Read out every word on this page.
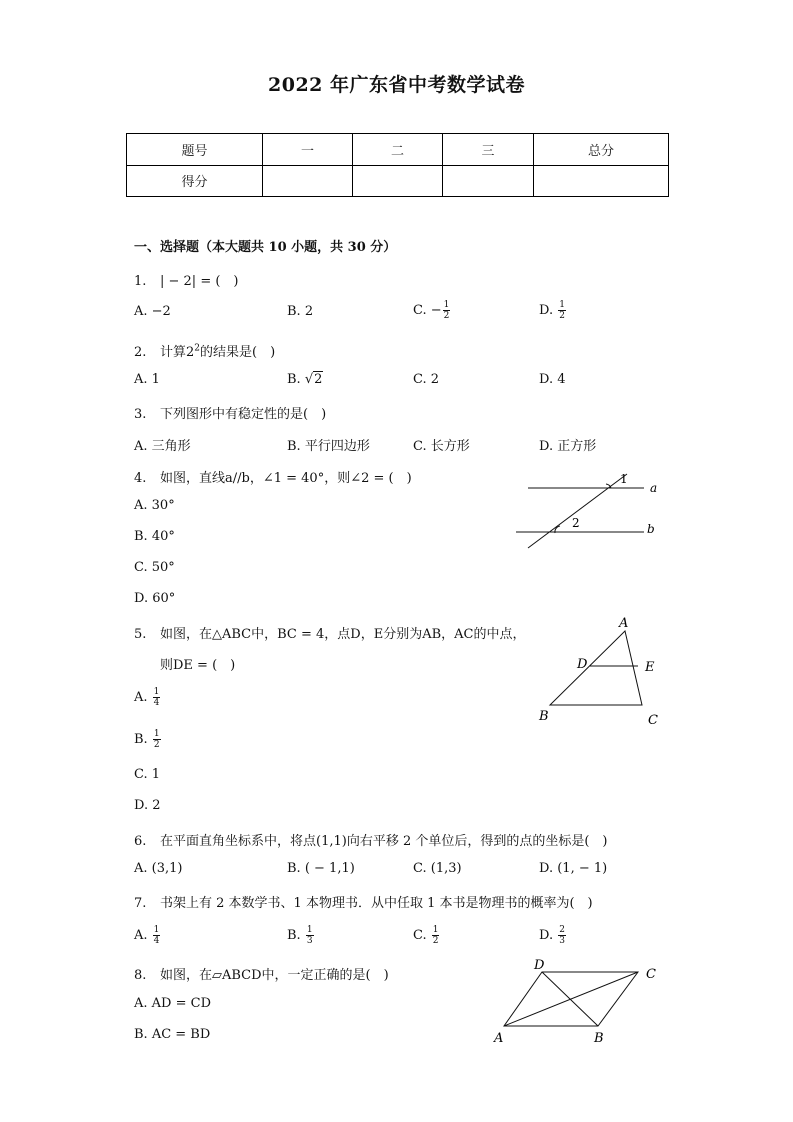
2022 年广东省中考数学试卷
题号	一	二	三	总分
得分				
一、选择题（本大题共 10 小题，共 30 分）
1. | − 2| = (　)
A. −2	B. 2	C. − $\frac{1}{2}$	D. $\frac{1}{2}$
2. 计算$2^2$的结果是(　)
A. 1	B. √2	C. 2	D. 4
3. 下列图形中有稳定性的是(　)
A. 三角形	B. 平行四边形	C. 长方形	D. 正方形
4. 如图，直线a//b，∠1 = 40°，则∠2 = (　)
A. 30°
B. 40°
C. 50°
D. 60°
1
2
a
b
5. 如图，在△ABC中，BC = 4，点D，E分别为AB，AC的中点，
则DE = (　)
A. $\frac{1}{4}$
B. $\frac{1}{2}$
C. 1
D. 2
A
B	C
D	E
6. 在平面直角坐标系中，将点(1,1)向右平移 2 个单位后，得到的点的坐标是(　)
A. (3,1)	B. ( − 1,1)	C. (1,3)	D. (1, − 1)
7. 书架上有 2 本数学书、1 本物理书．从中任取 1 本书是物理书的概率为(　)
A. $\frac{1}{4}$	B. $\frac{1}{3}$	C. $\frac{1}{2}$	D. $\frac{2}{3}$
8. 如图，在▱ABCD中，一定正确的是(　)
A. AD = CD
B. AC = BD	A	B
C
D
